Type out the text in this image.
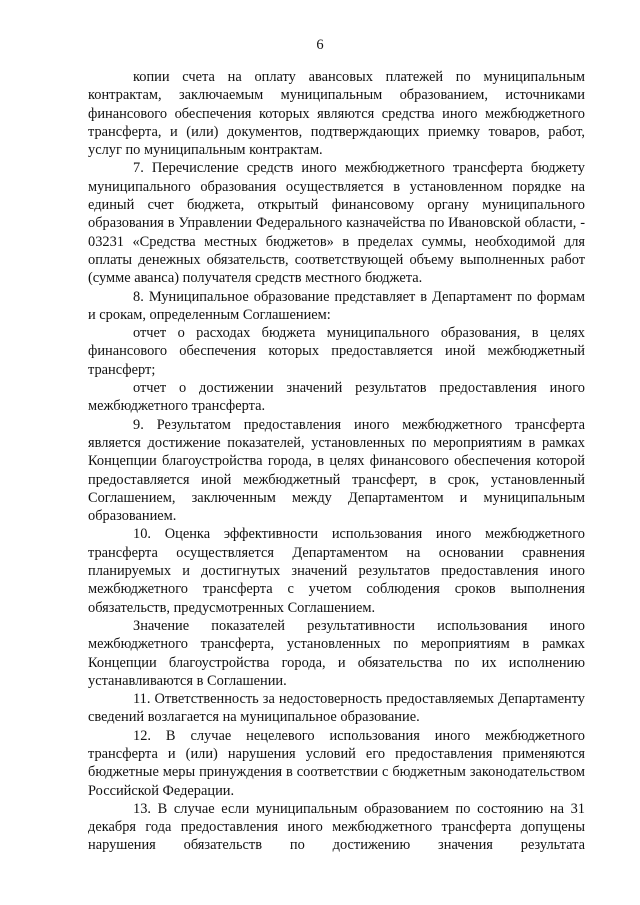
6

копии счета на оплату авансовых платежей по муниципальным контрактам, заключаемым муниципальным образованием, источниками финансового обеспечения которых являются средства иного межбюджетного трансферта, и (или) документов, подтверждающих приемку товаров, работ, услуг по муниципальным контрактам.

7. Перечисление средств иного межбюджетного трансферта бюджету муниципального образования осуществляется в установленном порядке на единый счет бюджета, открытый финансовому органу муниципального образования в Управлении Федерального казначейства по Ивановской области, - 03231 «Средства местных бюджетов» в пределах суммы, необходимой для оплаты денежных обязательств, соответствующей объему выполненных работ (сумме аванса) получателя средств местного бюджета.

8. Муниципальное образование представляет в Департамент по формам и срокам, определенным Соглашением:

отчет о расходах бюджета муниципального образования, в целях финансового обеспечения которых предоставляется иной межбюджетный трансферт;

отчет о достижении значений результатов предоставления иного межбюджетного трансферта.

9. Результатом предоставления иного межбюджетного трансферта является достижение показателей, установленных по мероприятиям в рамках Концепции благоустройства города, в целях финансового обеспечения которой предоставляется иной межбюджетный трансферт, в срок, установленный Соглашением, заключенным между Департаментом и муниципальным образованием.

10. Оценка эффективности использования иного межбюджетного трансферта осуществляется Департаментом на основании сравнения планируемых и достигнутых значений результатов предоставления иного межбюджетного трансферта с учетом соблюдения сроков выполнения обязательств, предусмотренных Соглашением.

Значение показателей результативности использования иного межбюджетного трансферта, установленных по мероприятиям в рамках Концепции благоустройства города, и обязательства по их исполнению устанавливаются в Соглашении.

11. Ответственность за недостоверность предоставляемых Департаменту сведений возлагается на муниципальное образование.

12. В случае нецелевого использования иного межбюджетного трансферта и (или) нарушения условий его предоставления применяются бюджетные меры принуждения в соответствии с бюджетным законодательством Российской Федерации.

13. В случае если муниципальным образованием по состоянию на 31 декабря года предоставления иного межбюджетного трансферта допущены нарушения обязательств по достижению значения результата
